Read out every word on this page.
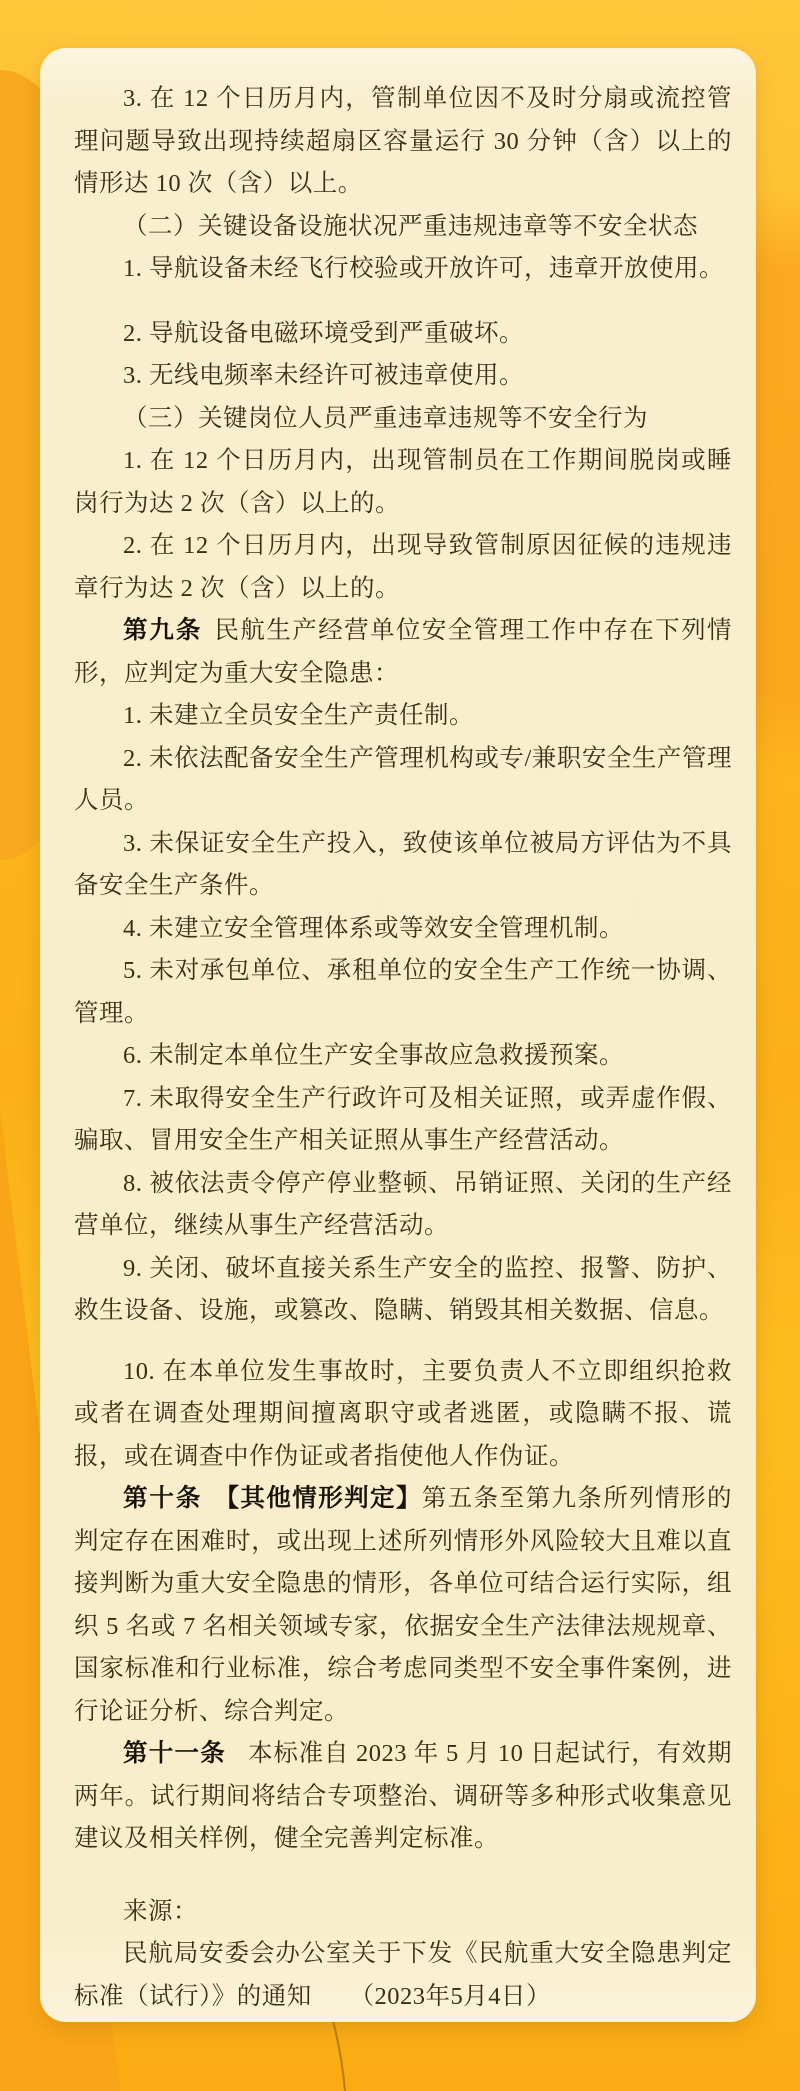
3. 在 12 个日历月内，管制单位因不及时分扇或流控管理问题导致出现持续超扇区容量运行 30 分钟（含）以上的情形达 10 次（含）以上。

（二）关键设备设施状况严重违规违章等不安全状态

1. 导航设备未经飞行校验或开放许可，违章开放使用。

2. 导航设备电磁环境受到严重破坏。

3. 无线电频率未经许可被违章使用。

（三）关键岗位人员严重违章违规等不安全行为

1. 在 12 个日历月内，出现管制员在工作期间脱岗或睡岗行为达 2 次（含）以上的。

2. 在 12 个日历月内，出现导致管制原因征候的违规违章行为达 2 次（含）以上的。

第九条 民航生产经营单位安全管理工作中存在下列情形，应判定为重大安全隐患：

1. 未建立全员安全生产责任制。

2. 未依法配备安全生产管理机构或专/兼职安全生产管理人员。

3. 未保证安全生产投入，致使该单位被局方评估为不具备安全生产条件。

4. 未建立安全管理体系或等效安全管理机制。

5. 未对承包单位、承租单位的安全生产工作统一协调、管理。

6. 未制定本单位生产安全事故应急救援预案。

7. 未取得安全生产行政许可及相关证照，或弄虚作假、骗取、冒用安全生产相关证照从事生产经营活动。

8. 被依法责令停产停业整顿、吊销证照、关闭的生产经营单位，继续从事生产经营活动。

9. 关闭、破坏直接关系生产安全的监控、报警、防护、救生设备、设施，或篡改、隐瞒、销毁其相关数据、信息。

10. 在本单位发生事故时，主要负责人不立即组织抢救或者在调查处理期间擅离职守或者逃匿，或隐瞒不报、谎报，或在调查中作伪证或者指使他人作伪证。

第十条 【其他情形判定】第五条至第九条所列情形的判定存在困难时，或出现上述所列情形外风险较大且难以直接判断为重大安全隐患的情形，各单位可结合运行实际，组织 5 名或 7 名相关领域专家，依据安全生产法律法规规章、国家标准和行业标准，综合考虑同类型不安全事件案例，进行论证分析、综合判定。

第十一条 本标准自 2023 年 5 月 10 日起试行，有效期两年。试行期间将结合专项整治、调研等多种形式收集意见建议及相关样例，健全完善判定标准。

来源：

民航局安委会办公室关于下发《民航重大安全隐患判定标准（试行）》的通知　　（2023年5月4日）
